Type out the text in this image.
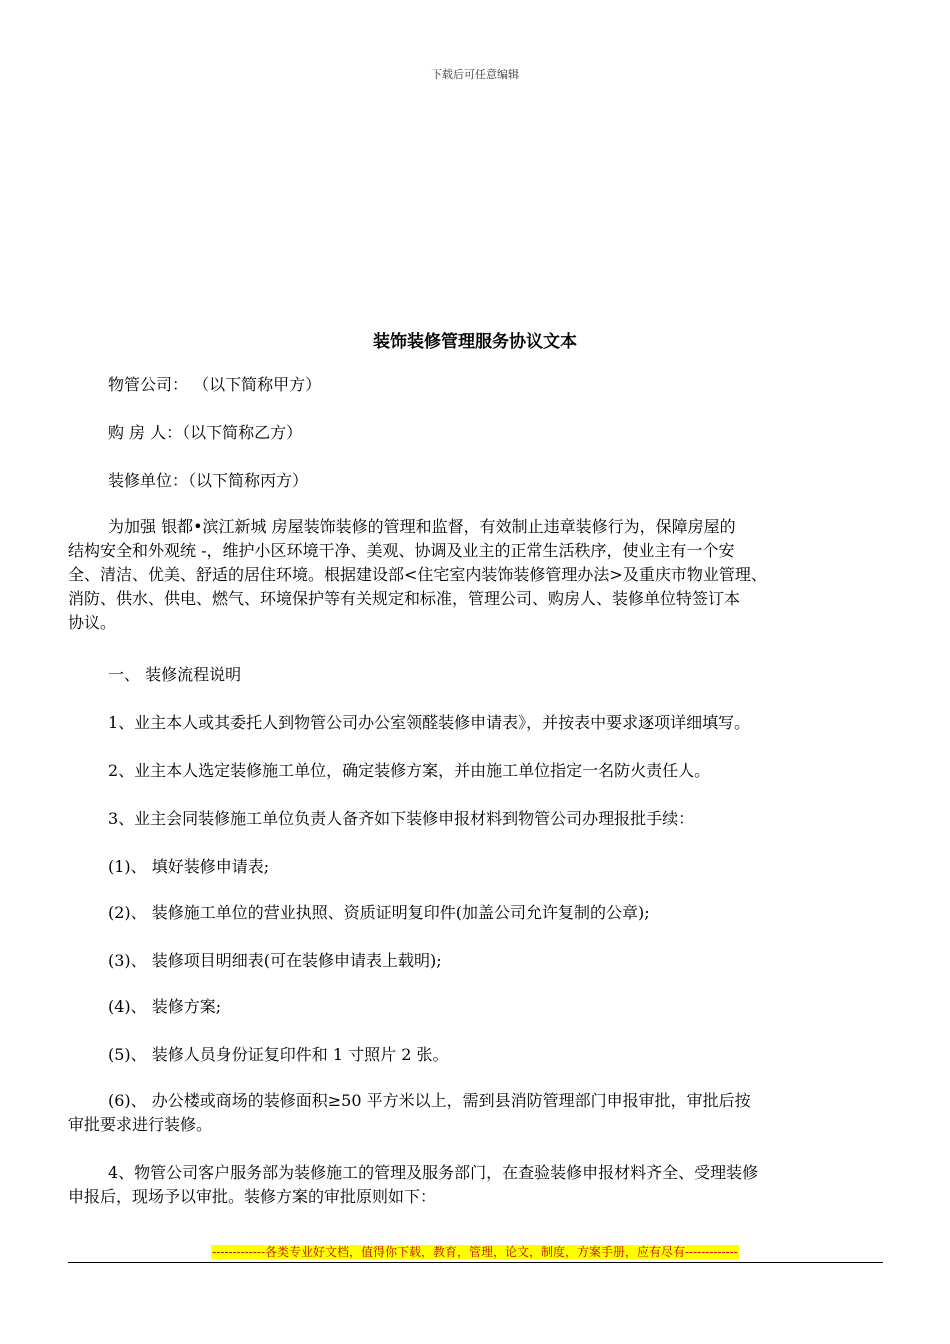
下载后可任意编辑
装饰装修管理服务协议文本
物管公司： （以下简称甲方）
购 房 人：（以下简称乙方）
装修单位：（以下简称丙方）
为加强 银都•滨江新城 房屋装饰装修的管理和监督，有效制止违章装修行为，保障房屋的
结构安全和外观统 -，维护小区环境干净、美观、协调及业主的正常生活秩序，使业主有一个安
全、清洁、优美、舒适的居住环境。根据建设部<住宅室内装饰装修管理办法>及重庆市物业管理、
消防、供水、供电、燃气、环境保护等有关规定和标准，管理公司、购房人、装修单位特签订本
协议。
一、 装修流程说明
1、业主本人或其委托人到物管公司办公室领醛装修申请表》，并按表中要求逐项详细填写。
2、业主本人选定装修施工单位，确定装修方案，并由施工单位指定一名防火责任人。
3、业主会同装修施工单位负责人备齐如下装修申报材料到物管公司办理报批手续：
(1)、 填好装修申请表;
(2)、 装修施工单位的营业执照、资质证明复印件(加盖公司允许复制的公章);
(3)、 装修项目明细表(可在装修申请表上载明);
(4)、 装修方案;
(5)、 装修人员身份证复印件和 1 寸照片 2 张。
(6)、 办公楼或商场的装修面积≥50 平方米以上，需到县消防管理部门申报审批，审批后按
审批要求进行装修。
4、物管公司客户服务部为装修施工的管理及服务部门，在查验装修申报材料齐全、受理装修
申报后，现场予以审批。装修方案的审批原则如下：
-------------各类专业好文档，值得你下载，教育，管理，论文，制度，方案手册，应有尽有-------------
